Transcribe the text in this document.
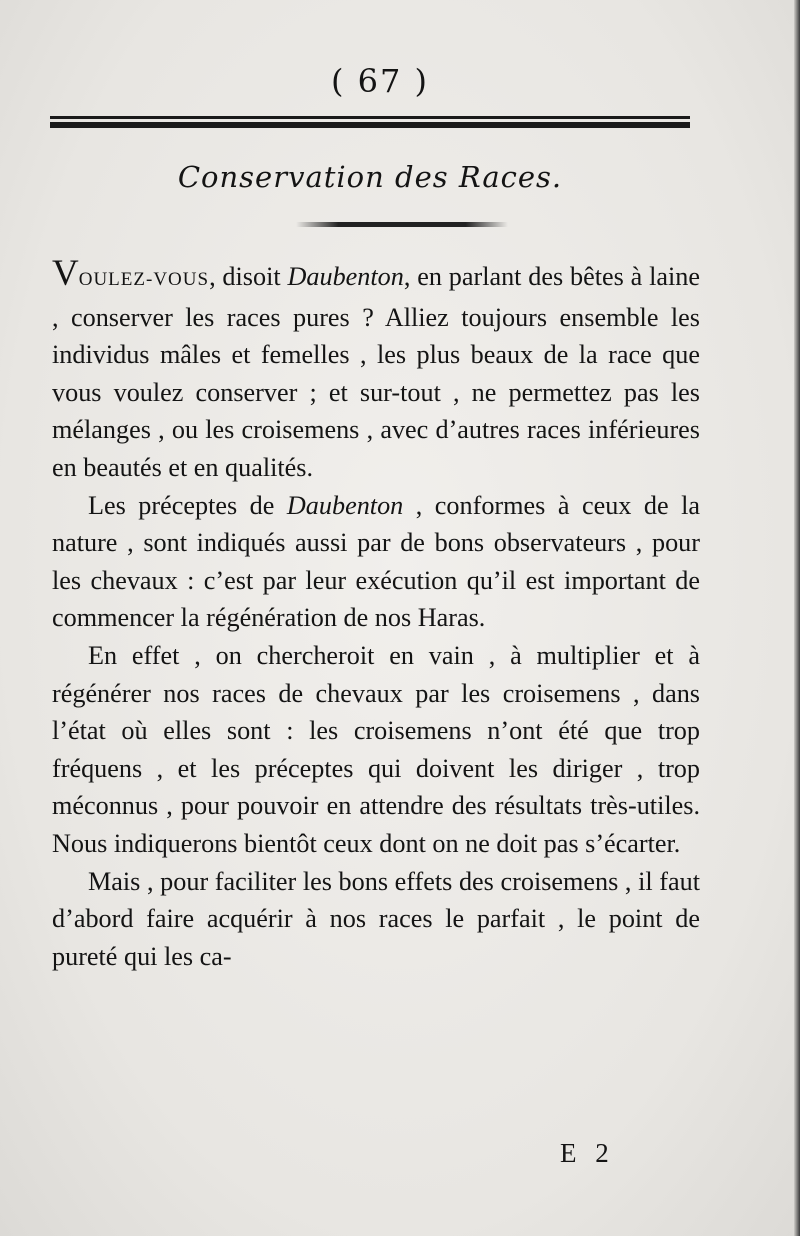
( 67 )
Conservation des Races.

VOULEZ-VOUS, disoit Daubenton, en parlant des bêtes à laine , conserver les races pures ? Alliez toujours ensemble les individus mâles et femelles , les plus beaux de la race que vous voulez conserver ; et sur-tout , ne permettez pas les mélanges , ou les croisemens , avec d’autres races inférieures en beautés et en qualités.

Les préceptes de Daubenton , conformes à ceux de la nature , sont indiqués aussi par de bons observateurs , pour les chevaux : c’est par leur exécution qu’il est important de commencer la régénération de nos Haras.

En effet , on chercheroit en vain , à multiplier et à régénérer nos races de chevaux par les croisemens , dans l’état où elles sont : les croisemens n’ont été que trop fréquens , et les préceptes qui doivent les diriger , trop méconnus , pour pouvoir en attendre des résultats très-utiles. Nous indiquerons bientôt ceux dont on ne doit pas s’écarter.

Mais , pour faciliter les bons effets des croisemens , il faut d’abord faire acquérir à nos races le parfait , le point de pureté qui les ca-

E 2
